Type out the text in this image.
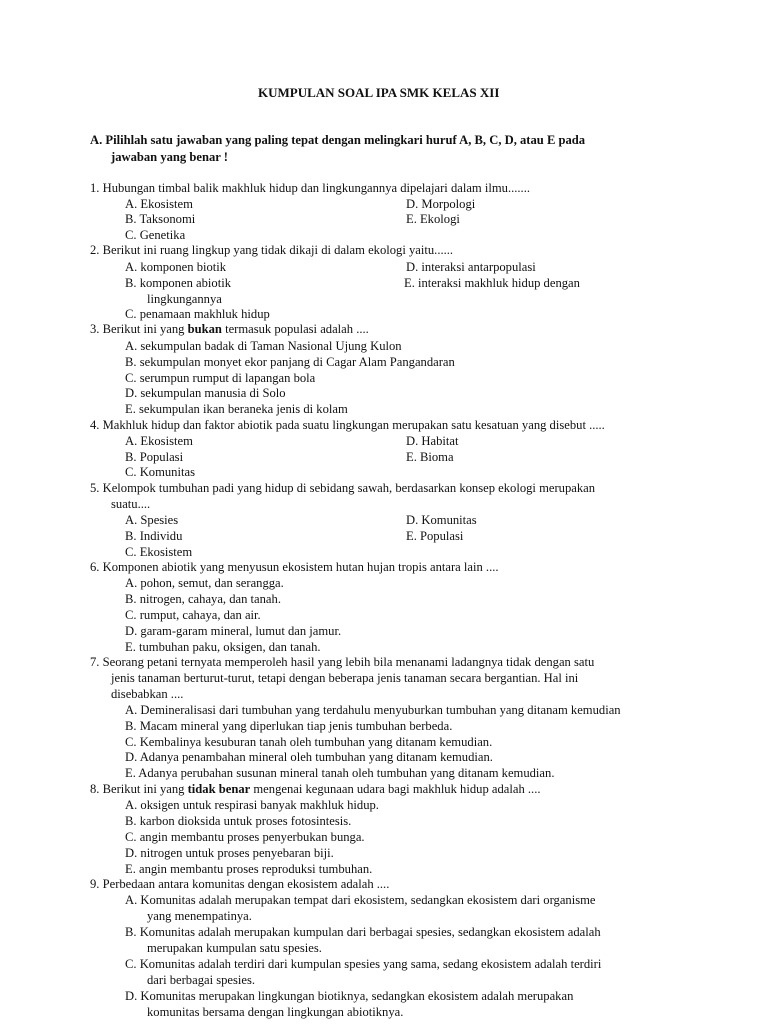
KUMPULAN SOAL IPA SMK KELAS XII
A. Pilihlah satu jawaban yang paling tepat dengan melingkari huruf A, B, C, D, atau E pada
jawaban yang benar !
1. Hubungan timbal balik makhluk hidup dan lingkungannya dipelajari dalam ilmu.......
A. Ekosistem	D. Morpologi
B. Taksonomi	E. Ekologi
C. Genetika
2. Berikut ini ruang lingkup yang tidak dikaji di dalam ekologi yaitu......
A. komponen biotik	D. interaksi antarpopulasi
B. komponen abiotik	E. interaksi makhluk hidup dengan
lingkungannya
C. penamaan makhluk hidup
3. Berikut ini yang bukan termasuk populasi adalah ....
A. sekumpulan badak di Taman Nasional Ujung Kulon
B. sekumpulan monyet ekor panjang di Cagar Alam Pangandaran
C. serumpun rumput di lapangan bola
D. sekumpulan manusia di Solo
E. sekumpulan ikan beraneka jenis di kolam
4. Makhluk hidup dan faktor abiotik pada suatu lingkungan merupakan satu kesatuan yang disebut .....
A. Ekosistem	D. Habitat
B. Populasi	E. Bioma
C. Komunitas
5. Kelompok tumbuhan padi yang hidup di sebidang sawah, berdasarkan konsep ekologi merupakan
suatu....
A. Spesies	D. Komunitas
B. Individu	E. Populasi
C. Ekosistem
6. Komponen abiotik yang menyusun ekosistem hutan hujan tropis antara lain ....
A. pohon, semut, dan serangga.
B. nitrogen, cahaya, dan tanah.
C. rumput, cahaya, dan air.
D. garam-garam mineral, lumut dan jamur.
E. tumbuhan paku, oksigen, dan tanah.
7. Seorang petani ternyata memperoleh hasil yang lebih bila menanami ladangnya tidak dengan satu
jenis tanaman berturut-turut, tetapi dengan beberapa jenis tanaman secara bergantian. Hal ini
disebabkan ....
A. Demineralisasi dari tumbuhan yang terdahulu menyuburkan tumbuhan yang ditanam kemudian
B. Macam mineral yang diperlukan tiap jenis tumbuhan berbeda.
C. Kembalinya kesuburan tanah oleh tumbuhan yang ditanam kemudian.
D. Adanya penambahan mineral oleh tumbuhan yang ditanam kemudian.
E. Adanya perubahan susunan mineral tanah oleh tumbuhan yang ditanam kemudian.
8. Berikut ini yang tidak benar mengenai kegunaan udara bagi makhluk hidup adalah ....
A. oksigen untuk respirasi banyak makhluk hidup.
B. karbon dioksida untuk proses fotosintesis.
C. angin membantu proses penyerbukan bunga.
D. nitrogen untuk proses penyebaran biji.
E. angin membantu proses reproduksi tumbuhan.
9. Perbedaan antara komunitas dengan ekosistem adalah ....
A. Komunitas adalah merupakan tempat dari ekosistem, sedangkan ekosistem dari organisme
yang menempatinya.
B. Komunitas adalah merupakan kumpulan dari berbagai spesies, sedangkan ekosistem adalah
merupakan kumpulan satu spesies.
C. Komunitas adalah terdiri dari kumpulan spesies yang sama, sedang ekosistem adalah terdiri
dari berbagai spesies.
D. Komunitas merupakan lingkungan biotiknya, sedangkan ekosistem adalah merupakan
komunitas bersama dengan lingkungan abiotiknya.
